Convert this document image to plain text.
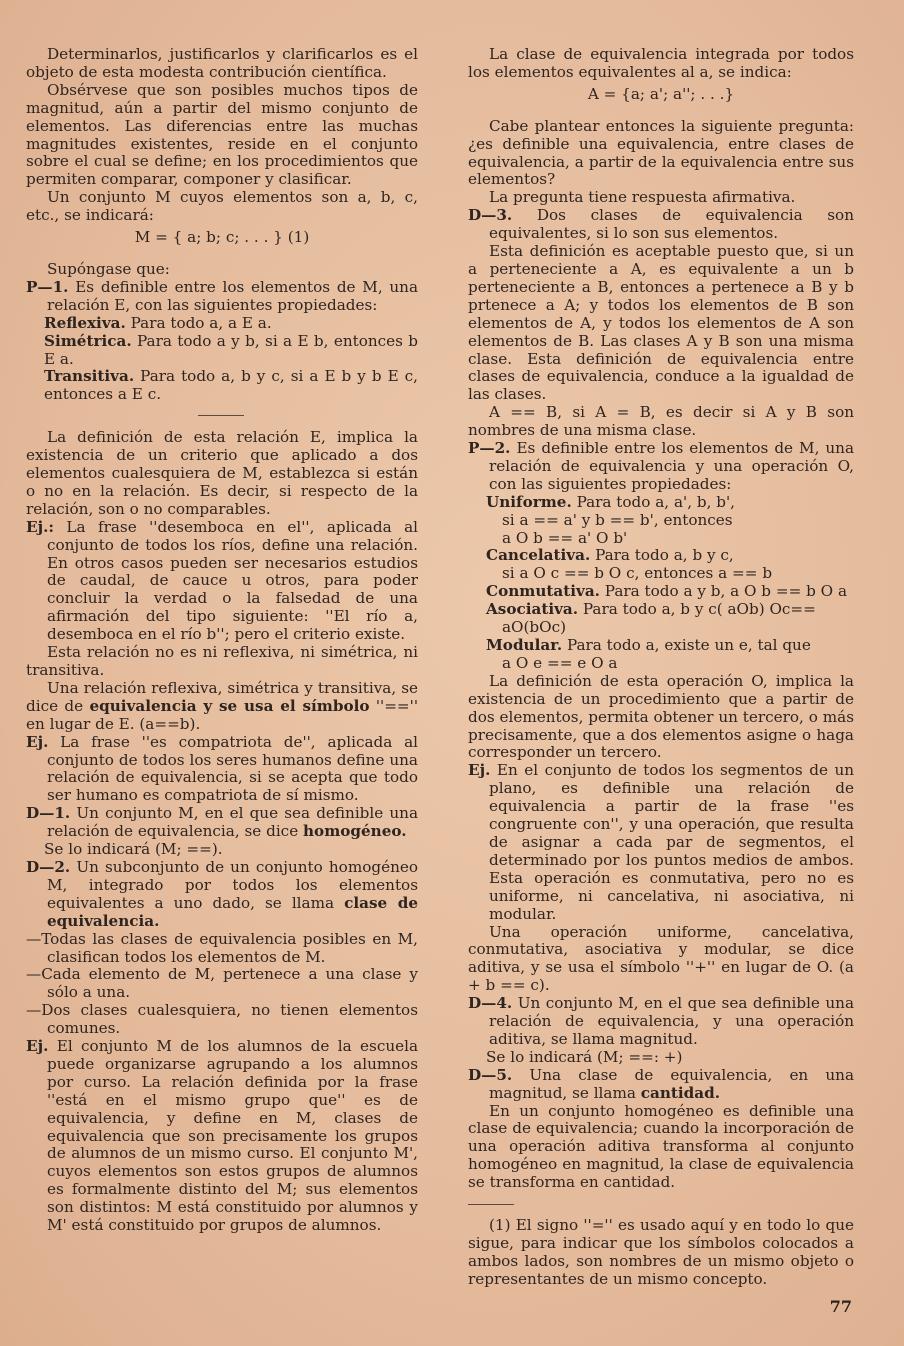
Determinarlos, justificarlos y clarificarlos es el objeto de esta modesta contribución científica.

Obsérvese que son posibles muchos tipos de magnitud, aún a partir del mismo conjunto de elementos. Las diferencias entre las muchas magnitudes existentes, reside en el conjunto sobre el cual se define; en los procedimientos que permiten comparar, componer y clasificar.

Un conjunto M cuyos elementos son a, b, c, etc., se indicará:

M = { a; b; c; . . . } (1)

Supóngase que:

P—1. Es definible entre los elementos de M, una relación E, con las siguientes propiedades:

Reflexiva. Para todo a, a E a.

Simétrica. Para todo a y b, si a E b, entonces b E a.

Transitiva. Para todo a, b y c, si a E b y b E c, entonces a E c.

La definición de esta relación E, implica la existencia de un criterio que aplicado a dos elementos cualesquiera de M, establezca si están o no en la relación. Es decir, si respecto de la relación, son o no comparables.

Ej.: La frase ''desemboca en el'', aplicada al conjunto de todos los ríos, define una relación. En otros casos pueden ser necesarios estudios de caudal, de cauce u otros, para poder concluir la verdad o la falsedad de una afirmación del tipo siguiente: ''El río a, desemboca en el río b''; pero el criterio existe.

Esta relación no es ni reflexiva, ni simétrica, ni transitiva.

Una relación reflexiva, simétrica y transitiva, se dice de equivalencia y se usa el símbolo ''=='' en lugar de E. (a==b).

Ej. La frase ''es compatriota de'', aplicada al conjunto de todos los seres humanos define una relación de equivalencia, si se acepta que todo ser humano es compatriota de sí mismo.

D—1. Un conjunto M, en el que sea definible una relación de equivalencia, se dice homogéneo.

Se lo indicará (M; ==).

D—2. Un subconjunto de un conjunto homogéneo M, integrado por todos los elementos equivalentes a uno dado, se llama clase de equivalencia.

—Todas las clases de equivalencia posibles en M, clasifican todos los elementos de M.

—Cada elemento de M, pertenece a una clase y sólo a una.

—Dos clases cualesquiera, no tienen elementos comunes.

Ej. El conjunto M de los alumnos de la escuela puede organizarse agrupando a los alumnos por curso. La relación definida por la frase ''está en el mismo grupo que'' es de equivalencia, y define en M, clases de equivalencia que son precisamente los grupos de alumnos de un mismo curso. El conjunto M', cuyos elementos son estos grupos de alumnos es formalmente distinto del M; sus elementos son distintos: M está constituido por alumnos y M' está constituido por grupos de alumnos.

La clase de equivalencia integrada por todos los elementos equivalentes al a, se indica:

A = {a; a'; a''; . . .}

Cabe plantear entonces la siguiente pregunta: ¿es definible una equivalencia, entre clases de equivalencia, a partir de la equivalencia entre sus elementos?

La pregunta tiene respuesta afirmativa.

D—3. Dos clases de equivalencia son equivalentes, si lo son sus elementos.

Esta definición es aceptable puesto que, si un a perteneciente a A, es equivalente a un b perteneciente a B, entonces a pertenece a B y b prtenece a A; y todos los elementos de B son elementos de A, y todos los elementos de A son elementos de B. Las clases A y B son una misma clase. Esta definición de equivalencia entre clases de equivalencia, conduce a la igualdad de las clases.

A == B, si A = B, es decir si A y B son nombres de una misma clase.

P—2. Es definible entre los elementos de M, una relación de equivalencia y una operación O, con las siguientes propiedades:

Uniforme. Para todo a, a', b, b',

si a == a' y b == b', entonces

a O b == a' O b'

Cancelativa. Para todo a, b y c,

si a O c == b O c, entonces a == b

Conmutativa. Para todo a y b, a O b == b O a

Asociativa. Para todo a, b y c( aOb) Oc==

aO(bOc)

Modular. Para todo a, existe un e, tal que

a O e == e O a

La definición de esta operación O, implica la existencia de un procedimiento que a partir de dos elementos, permita obtener un tercero, o más precisamente, que a dos elementos asigne o haga corresponder un tercero.

Ej. En el conjunto de todos los segmentos de un plano, es definible una relación de equivalencia a partir de la frase ''es congruente con'', y una operación, que resulta de asignar a cada par de segmentos, el determinado por los puntos medios de ambos. Esta operación es conmutativa, pero no es uniforme, ni cancelativa, ni asociativa, ni modular.

Una operación uniforme, cancelativa, conmutativa, asociativa y modular, se dice aditiva, y se usa el símbolo ''+'' en lugar de O. (a + b == c).

D—4. Un conjunto M, en el que sea definible una relación de equivalencia, y una operación aditiva, se llama magnitud.

Se lo indicará (M; ==: +)

D—5. Una clase de equivalencia, en una magnitud, se llama cantidad.

En un conjunto homogéneo es definible una clase de equivalencia; cuando la incorporación de una operación aditiva transforma al conjunto homogéneo en magnitud, la clase de equivalencia se transforma en cantidad.

(1) El signo ''='' es usado aquí y en todo lo que sigue, para indicar que los símbolos colocados a ambos lados, son nombres de un mismo objeto o representantes de un mismo concepto.

77
